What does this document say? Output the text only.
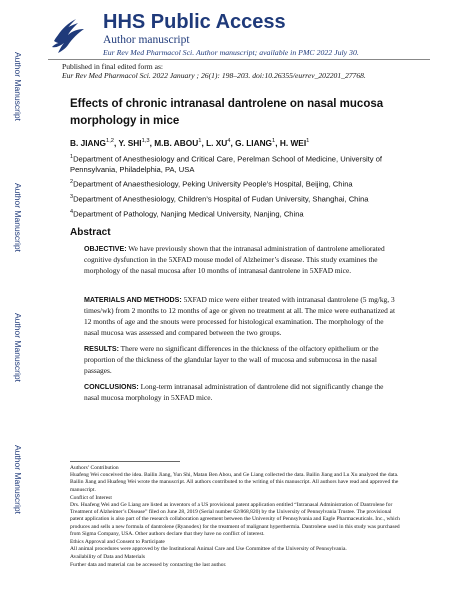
Author Manuscript
Author Manuscript
Author Manuscript
Author Manuscript
HHS Public Access
Author manuscript
Eur Rev Med Pharmacol Sci. Author manuscript; available in PMC 2022 July 30.
Published in final edited form as:
Eur Rev Med Pharmacol Sci. 2022 January ; 26(1): 198–203. doi:10.26355/eurrev_202201_27768.
Effects of chronic intranasal dantrolene on nasal mucosa morphology in mice
B. JIANG$^{1,2}$, Y. SHI$^{1,3}$, M.B. ABOU$^1$, L. $XU^4$, G. LIANG$^1$, H. WEI$^1$
$^1$Department of Anesthesiology and Critical Care, Perelman School of Medicine, University of Pennsylvania, Philadelphia, PA, USA
$^2$Department of Anaesthesiology, Peking University People’s Hospital, Beijing, China
$^3$Department of Anesthesiology, Children’s Hospital of Fudan University, Shanghai, China
$^4$Department of Pathology, Nanjing Medical University, Nanjing, China
Abstract
OBJECTIVE: We have previously shown that the intranasal administration of dantrolene ameliorated cognitive dysfunction in the 5XFAD mouse model of Alzheimer’s disease. This study examines the morphology of the nasal mucosa after 10 months of intranasal dantrolene in 5XFAD mice.
MATERIALS AND METHODS: 5XFAD mice were either treated with intranasal dantrolene (5 mg/kg, 3 times/wk) from 2 months to 12 months of age or given no treatment at all. The mice were euthanatized at 12 months of age and the snouts were processed for histological examination. The morphology of the nasal mucosa was assessed and compared between the two groups.
RESULTS: There were no significant differences in the thickness of the olfactory epithelium or the proportion of the thickness of the glandular layer to the wall of mucosa and submucosa in the nasal passages.
CONCLUSIONS: Long-term intranasal administration of dantrolene did not significantly change the nasal mucosa morphology in 5XFAD mice.
Authors’ Contribution
Huafeng Wei conceived the idea. Bailin Jiang, Yun Shi, Matan Ben Abou, and Ge Liang collected the data. Bailin Jiang and Lu Xu analyzed the data. Bailin Jiang and Huafeng Wei wrote the manuscript. All authors contributed to the writing of this manuscript. All authors have read and approved the manuscript.
Conflict of Interest
Drs. Huafeng Wei and Ge Liang are listed as inventors of a US provisional patent application entitled “Intranasal Administration of Dantrolene for Treatment of Alzheimer’s Disease” filed on June 28, 2019 (Serial number 62/868,820) by the University of Pennsylvania Trustee. The provisional patent application is also part of the research collaboration agreement between the University of Pennsylvania and Eagle Pharmaceuticals. Inc., which produces and sells a new formula of dantrolene (Ryanodex) for the treatment of malignant hyperthermia. Dantrolene used in this study was purchased from Sigma Company, USA. Other authors declare that they have no conflict of interest.
Ethics Approval and Consent to Participate
All animal procedures were approved by the Institutional Animal Care and Use Committee of the University of Pennsylvania.
Availability of Data and Materials
Further data and material can be accessed by contacting the last author.
